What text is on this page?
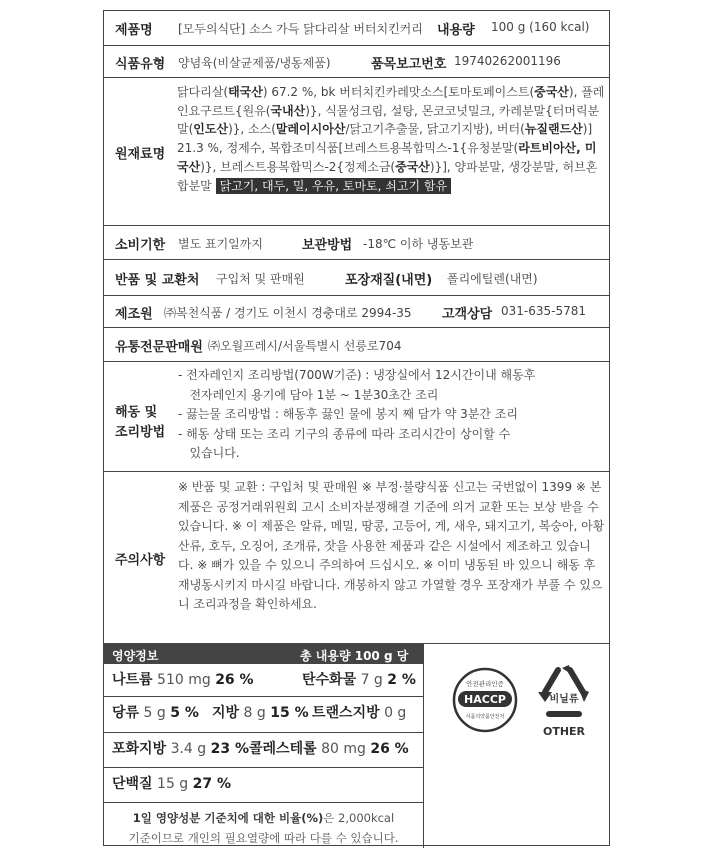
제품명 [모두의식단] 소스 가득 닭다리살 버터치킨커리 내용량 100 g (160 kcal)
식품유형 양념육(비살균제품/냉동제품)	품목보고번호 19740262001196
원재료명
닭다리살(태국산) 67.2 %, bk 버터치킨카레맛소스[토마토페이스트(중국산), 플레인요구르트{원유(국내산)}, 식물성크림, 설탕, 몬코코넛밀크, 카레분말{터머릭분말(인도산)}, 소스(말레이시아산/닭고기추출물, 닭고기지방), 버터(뉴질랜드산)] 21.3 %, 정제수, 복합조미식품[브레스트용복합믹스-1{유청분말(라트비아산, 미국산)}, 브레스트용복합믹스-2{정제소금(중국산)}], 양파분말, 생강분말, 허브혼합분말 닭고기, 대두, 밀, 우유, 토마토, 쇠고기 함유
소비기한 별도 표기일까지	보관방법 -18℃ 이하 냉동보관
반품 및 교환처 구입처 및 판매원	포장재질(내면) 폴리에틸렌(내면)
제조원 ㈜복천식품 / 경기도 이천시 경충대로 2994-35 고객상담 031-635-5781
유통전문판매원 ㈜오월프레시/서울특별시 선릉로704
해동 및
조리방법
- 전자레인지 조리방법(700W기준) : 냉장실에서 12시간이내 해동후
전자레인지 용기에 담아 1분 ~ 1분30초간 조리
- 끓는물 조리방법 : 해동후 끓인 물에 봉지 째 담가 약 3분간 조리
- 해동 상태 또는 조리 기구의 종류에 따라 조리시간이 상이할 수
있습니다.
주의사항
※ 반품 및 교환 : 구입처 및 판매원 ※ 부정·불량식품 신고는 국번없이 1399 ※ 본 제품은 공정거래위원회 고시 소비자분쟁해결 기준에 의거 교환 또는 보상 받을 수 있습니다. ※ 이 제품은 알류, 메밀, 땅콩, 고등어, 게, 새우, 돼지고기, 복숭아, 아황산류, 호두, 오징어, 조개류, 잣을 사용한 제품과 같은 시설에서 제조하고 있습니다. ※ 뼈가 있을 수 있으니 주의하여 드십시오. ※ 이미 냉동된 바 있으니 해동 후 재냉동시키지 마시길 바랍니다. 개봉하지 않고 가열할 경우 포장재가 부풀 수 있으니 조리과정을 확인하세요.
영양정보	총 내용량 100 g 당
나트륨 510 mg 26 %	탄수화물 7 g 2 %
당류 5 g 5 % 지방 8 g 15 % 트랜스지방 0 g
포화지방 3.4 g 23 % 콜레스테롤 80 mg 26 %
단백질 15 g 27 %
1일 영양성분 기준치에 대한 비율(%)은 2,000kcal
기준이므로 개인의 필요열량에 따라 다를 수 있습니다.
안전관리인증
HACCP
식품의약품안전처
비닐류
OTHER
